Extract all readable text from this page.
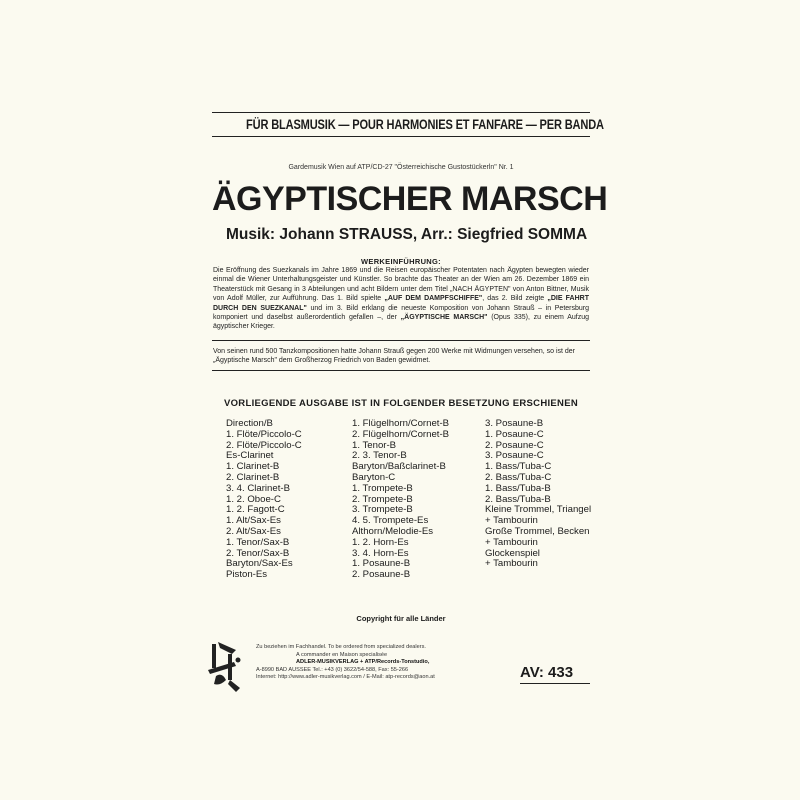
FÜR BLASMUSIK — POUR HARMONIES ET FANFARE — PER BANDA
Gardemusik Wien auf ATP/CD-27 "Österreichische Gustostückerln" Nr. 1
ÄGYPTISCHER MARSCH
Musik: Johann STRAUSS, Arr.: Siegfried SOMMA
WERKEINFÜHRUNG:
Die Eröffnung des Suezkanals im Jahre 1869 und die Reisen europäischer Potentaten nach Ägypten bewegten wieder einmal die Wiener Unterhaltungsgeister und Künstler. So brachte das Theater an der Wien am 26. Dezember 1869 ein Theaterstück mit Gesang in 3 Abteilungen und acht Bildern unter dem Titel „NACH ÄGYPTEN" von Anton Bittner, Musik von Adolf Müller, zur Aufführung. Das 1. Bild spielte „AUF DEM DAMPFSCHIFFE", das 2. Bild zeigte „DIE FAHRT DURCH DEN SUEZKANAL" und im 3. Bild erklang die neueste Komposition von Johann Strauß – in Petersburg komponiert und daselbst außerordentlich gefallen –, der „ÄGYPTISCHE MARSCH" (Opus 335), zu einem Aufzug ägyptischer Krieger.
Von seinen rund 500 Tanzkompositionen hatte Johann Strauß gegen 200 Werke mit Widmungen versehen, so ist der „Ägyptische Marsch" dem Großherzog Friedrich von Baden gewidmet.
VORLIEGENDE AUSGABE IST IN FOLGENDER BESETZUNG ERSCHIENEN
Direction/B
1. Flöte/Piccolo-C
2. Flöte/Piccolo-C
Es-Clarinet
1. Clarinet-B
2. Clarinet-B
3. 4. Clarinet-B
1. 2. Oboe-C
1. 2. Fagott-C
1. Alt/Sax-Es
2. Alt/Sax-Es
1. Tenor/Sax-B
2. Tenor/Sax-B
Baryton/Sax-Es
Piston-Es
1. Flügelhorn/Cornet-B
2. Flügelhorn/Cornet-B
1. Tenor-B
2. 3. Tenor-B
Baryton/Baßclarinet-B
Baryton-C
1. Trompete-B
2. Trompete-B
3. Trompete-B
4. 5. Trompete-Es
Althorn/Melodie-Es
1. 2. Horn-Es
3. 4. Horn-Es
1. Posaune-B
2. Posaune-B
3. Posaune-B
1. Posaune-C
2. Posaune-C
3. Posaune-C
1. Bass/Tuba-C
2. Bass/Tuba-C
1. Bass/Tuba-B
2. Bass/Tuba-B
Kleine Trommel, Triangel
+ Tambourin
Große Trommel, Becken
+ Tambourin
Glockenspiel
+ Tambourin
Copyright für alle Länder
Zu beziehen im Fachhandel. To be ordered from specialized dealers.
A commander en Maison specialisée
ADLER-MUSIKVERLAG + ATP/Records-Tonstudio,
A-8990 BAD AUSSEE Tel.: +43 (0) 3622/54-588, Fax: 55-266
Internet: http://www.adler-musikverlag.com / E-Mail: atp-records@aon.at	AV: 433
